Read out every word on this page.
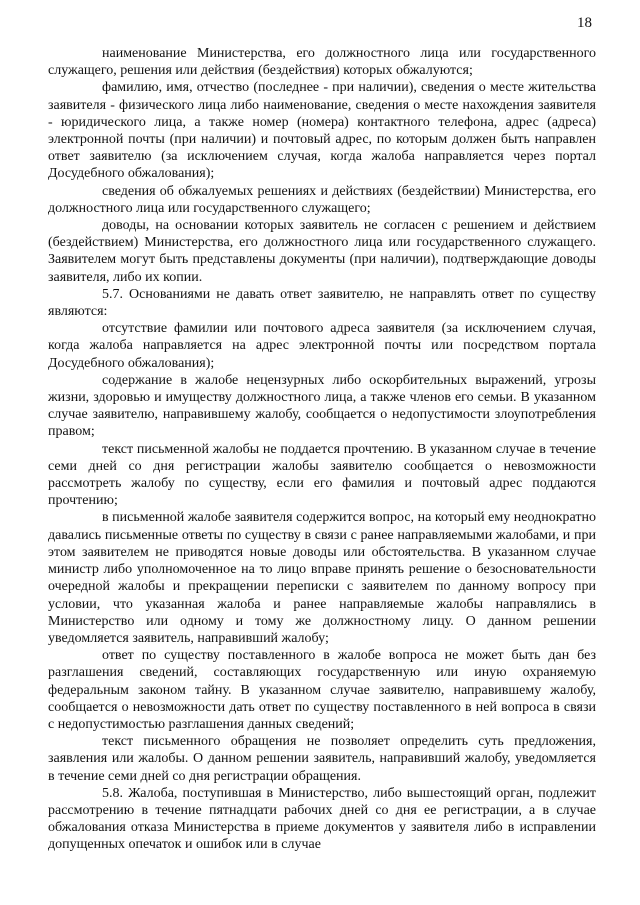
18

наименование Министерства, его должностного лица или государственного служащего, решения или действия (бездействия) которых обжалуются;

фамилию, имя, отчество (последнее - при наличии), сведения о месте жительства заявителя - физического лица либо наименование, сведения о месте нахождения заявителя - юридического лица, а также номер (номера) контактного телефона, адрес (адреса) электронной почты (при наличии) и почтовый адрес, по которым должен быть направлен ответ заявителю (за исключением случая, когда жалоба направляется через портал Досудебного обжалования);

сведения об обжалуемых решениях и действиях (бездействии) Министерства, его должностного лица или государственного служащего;

доводы, на основании которых заявитель не согласен с решением и действием (бездействием) Министерства, его должностного лица или государственного служащего. Заявителем могут быть представлены документы (при наличии), подтверждающие доводы заявителя, либо их копии.

5.7. Основаниями не давать ответ заявителю, не направлять ответ по существу являются:

отсутствие фамилии или почтового адреса заявителя (за исключением случая, когда жалоба направляется на адрес электронной почты или посредством портала Досудебного обжалования);

содержание в жалобе нецензурных либо оскорбительных выражений, угрозы жизни, здоровью и имуществу должностного лица, а также членов его семьи. В указанном случае заявителю, направившему жалобу, сообщается о недопустимости злоупотребления правом;

текст письменной жалобы не поддается прочтению. В указанном случае в течение семи дней со дня регистрации жалобы заявителю сообщается о невозможности рассмотреть жалобу по существу, если его фамилия и почтовый адрес поддаются прочтению;

в письменной жалобе заявителя содержится вопрос, на который ему неоднократно давались письменные ответы по существу в связи с ранее направляемыми жалобами, и при этом заявителем не приводятся новые доводы или обстоятельства. В указанном случае министр либо уполномоченное на то лицо вправе принять решение о безосновательности очередной жалобы и прекращении переписки с заявителем по данному вопросу при условии, что указанная жалоба и ранее направляемые жалобы направлялись в Министерство или одному и тому же должностному лицу. О данном решении уведомляется заявитель, направивший жалобу;

ответ по существу поставленного в жалобе вопроса не может быть дан без разглашения сведений, составляющих государственную или иную охраняемую федеральным законом тайну. В указанном случае заявителю, направившему жалобу, сообщается о невозможности дать ответ по существу поставленного в ней вопроса в связи с недопустимостью разглашения данных сведений;

текст письменного обращения не позволяет определить суть предложения, заявления или жалобы. О данном решении заявитель, направивший жалобу, уведомляется в течение семи дней со дня регистрации обращения.

5.8. Жалоба, поступившая в Министерство, либо вышестоящий орган, подлежит рассмотрению в течение пятнадцати рабочих дней со дня ее регистрации, а в случае обжалования отказа Министерства в приеме документов у заявителя либо в исправлении допущенных опечаток и ошибок или в случае
